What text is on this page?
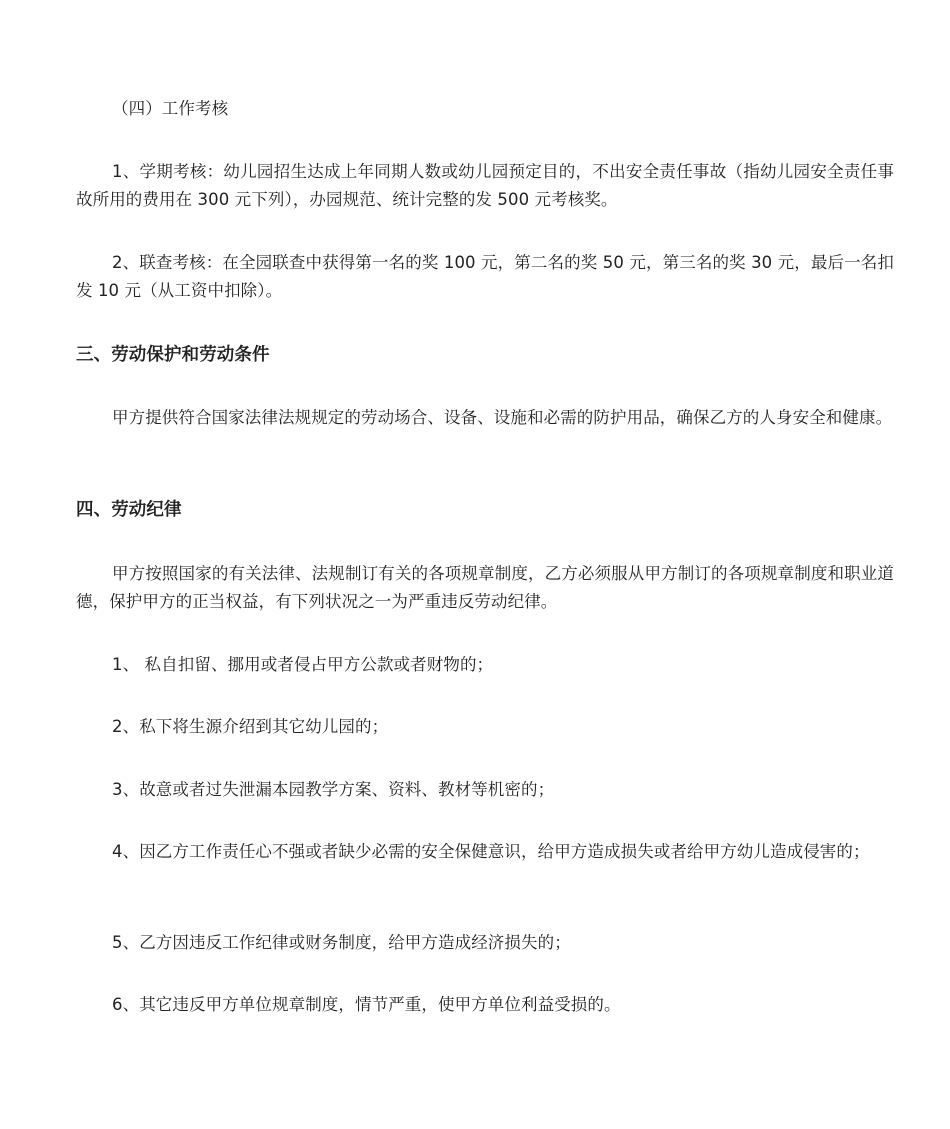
（四）工作考核
1、学期考核：幼儿园招生达成上年同期人数或幼儿园预定目的，不出安全责任事故（指幼儿园安全责任事故所用的费用在 300 元下列），办园规范、统计完整的发 500 元考核奖。
2、联查考核：在全园联查中获得第一名的奖 100 元，第二名的奖 50 元，第三名的奖 30 元，最后一名扣发 10 元（从工资中扣除）。
三、劳动保护和劳动条件
甲方提供符合国家法律法规规定的劳动场合、设备、设施和必需的防护用品，确保乙方的人身安全和健康。
四、劳动纪律
甲方按照国家的有关法律、法规制订有关的各项规章制度，乙方必须服从甲方制订的各项规章制度和职业道德，保护甲方的正当权益，有下列状况之一为严重违反劳动纪律。
1、 私自扣留、挪用或者侵占甲方公款或者财物的；
2、私下将生源介绍到其它幼儿园的；
3、故意或者过失泄漏本园教学方案、资料、教材等机密的；
4、因乙方工作责任心不强或者缺少必需的安全保健意识，给甲方造成损失或者给甲方幼儿造成侵害的；
5、乙方因违反工作纪律或财务制度，给甲方造成经济损失的；
6、其它违反甲方单位规章制度，情节严重，使甲方单位利益受损的。
